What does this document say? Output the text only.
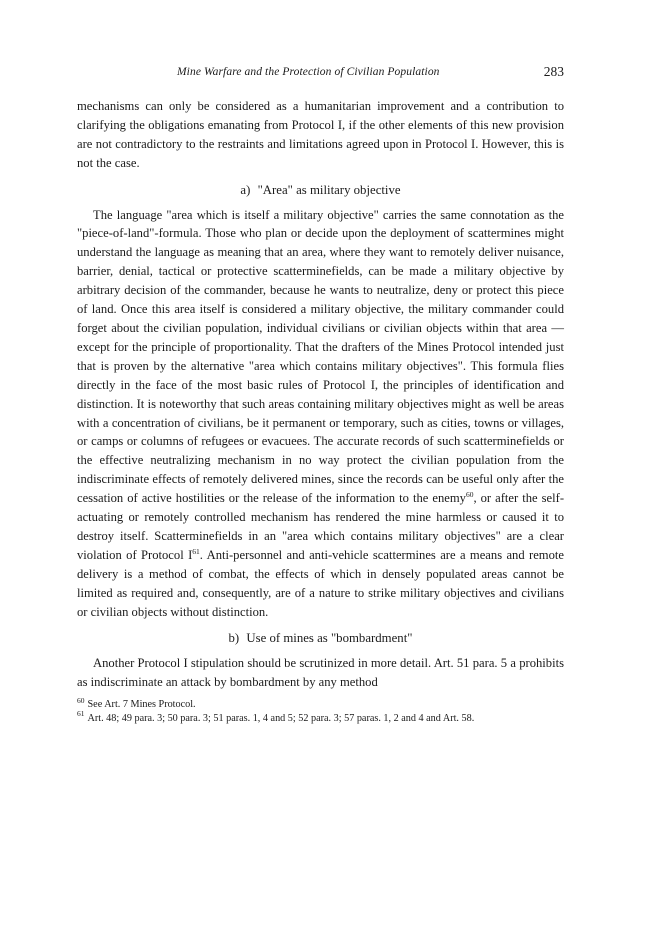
Mine Warfare and the Protection of Civilian Population	283

mechanisms can only be considered as a humanitarian improvement and a contribution to clarifying the obligations emanating from Protocol I, if the other elements of this new provision are not contradictory to the restraints and limitations agreed upon in Protocol I. However, this is not the case.

a) "Area" as military objective

The language "area which is itself a military objective" carries the same connotation as the "piece-of-land"-formula. Those who plan or decide upon the deployment of scattermines might understand the language as meaning that an area, where they want to remotely deliver nuisance, barrier, denial, tactical or protective scatterminefields, can be made a military objective by arbitrary decision of the commander, because he wants to neutralize, deny or protect this piece of land. Once this area itself is considered a military objective, the military commander could forget about the civilian population, individual civilians or civilian objects within that area — except for the principle of proportionality. That the drafters of the Mines Protocol intended just that is proven by the alternative "area which contains military objectives". This formula flies directly in the face of the most basic rules of Protocol I, the principles of identification and distinction. It is noteworthy that such areas containing military objectives might as well be areas with a concentration of civilians, be it permanent or temporary, such as cities, towns or villages, or camps or columns of refugees or evacuees. The accurate records of such scatterminefields or the effective neutralizing mechanism in no way protect the civilian population from the indiscriminate effects of remotely delivered mines, since the records can be useful only after the cessation of active hostilities or the release of the information to the enemy$^{60}$, or after the self-actuating or remotely controlled mechanism has rendered the mine harmless or caused it to destroy itself. Scatterminefields in an "area which contains military objectives" are a clear violation of Protocol $I^{61}$. Anti-personnel and anti-vehicle scattermines are a means and remote delivery is a method of combat, the effects of which in densely populated areas cannot be limited as required and, consequently, are of a nature to strike military objectives and civilians or civilian objects without distinction.

b) Use of mines as "bombardment"

Another Protocol I stipulation should be scrutinized in more detail. Art. 51 para. 5 a prohibits as indiscriminate an attack by bombardment by any method

$^{60}$ See Art. 7 Mines Protocol.

$^{61}$ Art. 48; 49 para. 3; 50 para. 3; 51 paras. 1, 4 and 5; 52 para. 3; 57 paras. 1, 2 and 4 and Art. 58.
